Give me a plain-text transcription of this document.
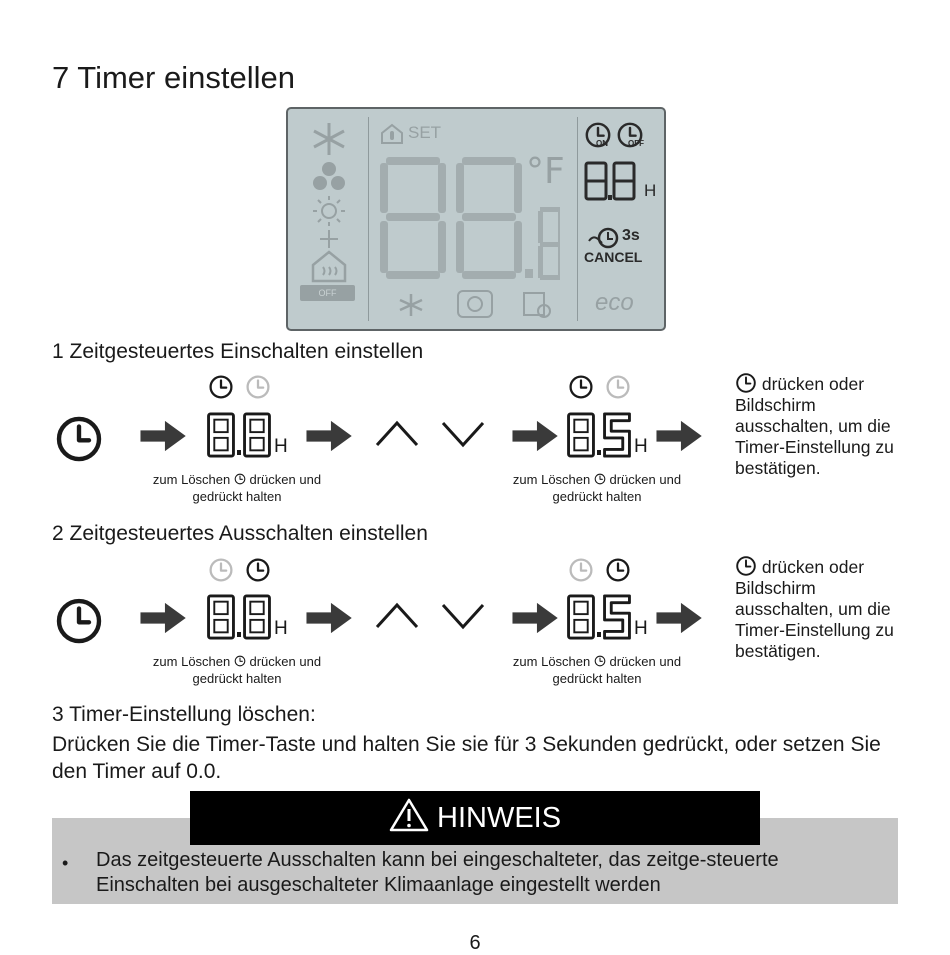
7 Timer einstellen
OFF
SET
°F
ON	OFF
H
3s
CANCEL
eco
1 Zeitgesteuertes Einschalten einstellen
H	H
zum Löschen drücken und
gedrückt halten
zum Löschen drücken und
gedrückt halten
drücken oder Bildschirm ausschalten, um die Timer-Einstellung zu bestätigen.
2 Zeitgesteuertes Ausschalten einstellen
H	H
zum Löschen drücken und
gedrückt halten
zum Löschen drücken und
gedrückt halten
drücken oder Bildschirm ausschalten, um die Timer-Einstellung zu bestätigen.
3 Timer-Einstellung löschen:
Drücken Sie die Timer-Taste und halten Sie sie für 3 Sekunden gedrückt, oder setzen Sie den Timer auf 0.0.
HINWEIS
• Das zeitgesteuerte Ausschalten kann bei eingeschalteter, das zeitge-steuerte Einschalten bei ausgeschalteter Klimaanlage eingestellt werden
6
